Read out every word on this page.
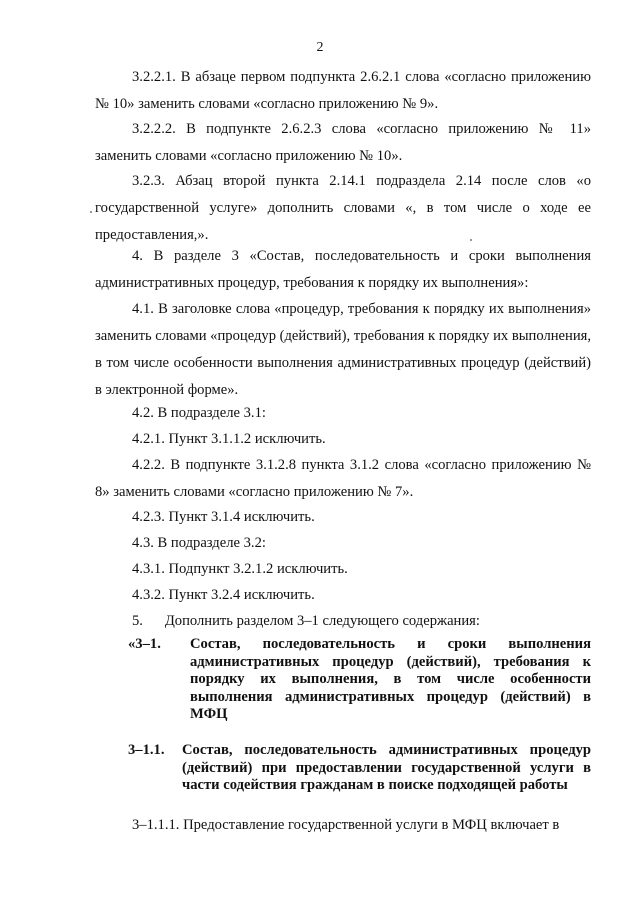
2

3.2.2.1. В абзаце первом подпункта 2.6.2.1 слова «согласно приложению № 10» заменить словами «согласно приложению № 9».

3.2.2.2. В подпункте 2.6.2.3 слова «согласно приложению № 11» заменить словами «согласно приложению № 10».

3.2.3. Абзац второй пункта 2.14.1 подраздела 2.14 после слов «о государственной услуге» дополнить словами «, в том числе о ходе ее предоставления,».

4. В разделе 3 «Состав, последовательность и сроки выполнения административных процедур, требования к порядку их выполнения»:

4.1. В заголовке слова «процедур, требования к порядку их выполнения» заменить словами «процедур (действий), требования к порядку их выполнения, в том числе особенности выполнения административных процедур (действий) в электронной форме».

4.2. В подразделе 3.1:

4.2.1. Пункт 3.1.1.2 исключить.

4.2.2. В подпункте 3.1.2.8 пункта 3.1.2 слова «согласно приложению № 8» заменить словами «согласно приложению № 7».

4.2.3. Пункт 3.1.4 исключить.

4.3. В подразделе 3.2:

4.3.1. Подпункт 3.2.1.2 исключить.

4.3.2. Пункт 3.2.4 исключить.

5.      Дополнить разделом 3–1 следующего содержания:

«3–1.	Состав, последовательность и сроки выполнения административных процедур (действий), требования к порядку их выполнения, в том числе особенности выполнения административных процедур (действий) в МФЦ
3–1.1.	Состав, последовательность административных процедур (действий) при предоставлении государственной услуги в части содействия гражданам в поиске подходящей работы

3–1.1.1. Предоставление государственной услуги в МФЦ включает в
